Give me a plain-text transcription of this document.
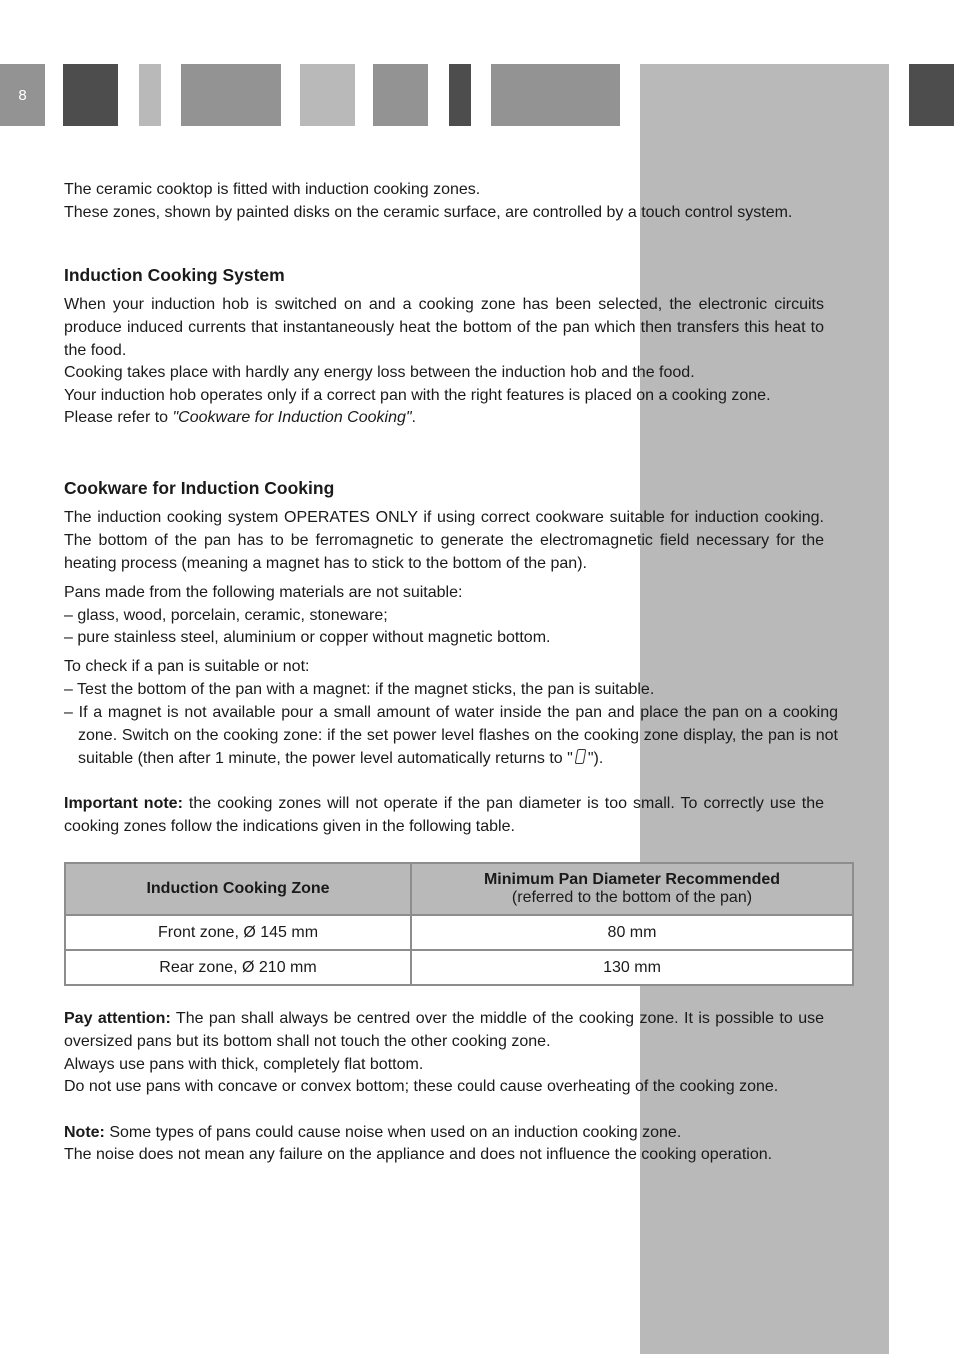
8

The ceramic cooktop is fitted with induction cooking zones.

These zones, shown by painted disks on the ceramic surface, are controlled by a touch control system.

Induction Cooking System

When your induction hob is switched on and a cooking zone has been selected, the electronic circuits produce induced currents that instantaneously heat the bottom of the pan which then transfers this heat to the food.

Cooking takes place with hardly any energy loss between the induction hob and the food.

Your induction hob operates only if a correct pan with the right features is placed on a cooking zone.

Please refer to "Cookware for Induction Cooking".

Cookware for Induction Cooking

The induction cooking system OPERATES ONLY if using correct cookware suitable for induction cooking. The bottom of the pan has to be ferromagnetic to generate the electromagnetic field necessary for the heating process (meaning a magnet has to stick to the bottom of the pan).

Pans made from the following materials are not suitable:

– glass, wood, porcelain, ceramic, stoneware;

– pure stainless steel, aluminium or copper without magnetic bottom.

To check if a pan is suitable or not:

– Test the bottom of the pan with a magnet: if the magnet sticks, the pan is suitable.

– If a magnet is not available pour a small amount of water inside the pan and place the pan on a cooking zone. Switch on the cooking zone: if the set power level flashes on the cooking zone display, the pan is not suitable (then after 1 minute, the power level automatically returns to " ").

Important note: the cooking zones will not operate if the pan diameter is too small. To correctly use the cooking zones follow the indications given in the following table.

Induction Cooking Zone	Minimum Pan Diameter Recommended
(referred to the bottom of the pan)

Front zone, Ø 145 mm	80 mm
Rear zone, Ø 210 mm	130 mm

Pay attention: The pan shall always be centred over the middle of the cooking zone. It is possible to use oversized pans but its bottom shall not touch the other cooking zone.

Always use pans with thick, completely flat bottom.

Do not use pans with concave or convex bottom; these could cause overheating of the cooking zone.

Note: Some types of pans could cause noise when used on an induction cooking zone.

The noise does not mean any failure on the appliance and does not influence the cooking operation.
